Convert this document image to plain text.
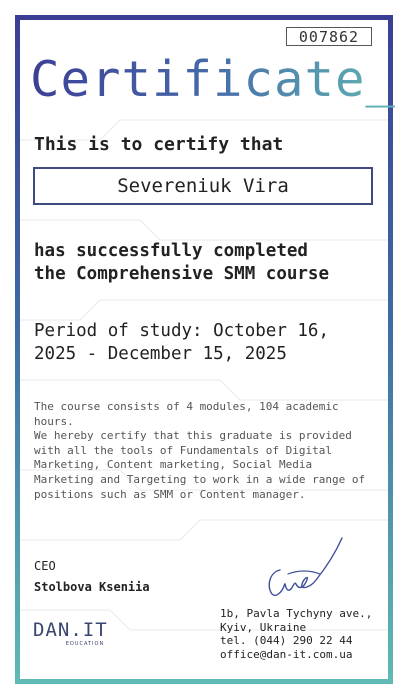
007862
Certificate_
This is to certify that
Severeniuk Vira
has successfully completed
the Comprehensive SMM course
Period of study: October 16,
2025 - December 15, 2025
The course consists of 4 modules, 104 academic
hours.
We hereby certify that this graduate is provided
with all the tools of Fundamentals of Digital
Marketing, Content marketing, Social Media
Marketing and Targeting to work in a wide range of
positions such as SMM or Content manager.
CEO
Stolbova Kseniia
DAN.IT
EDUCATION
1b, Pavla Tychyny ave.,
Kyiv, Ukraine
tel. (044) 290 22 44
office@dan-it.com.ua
